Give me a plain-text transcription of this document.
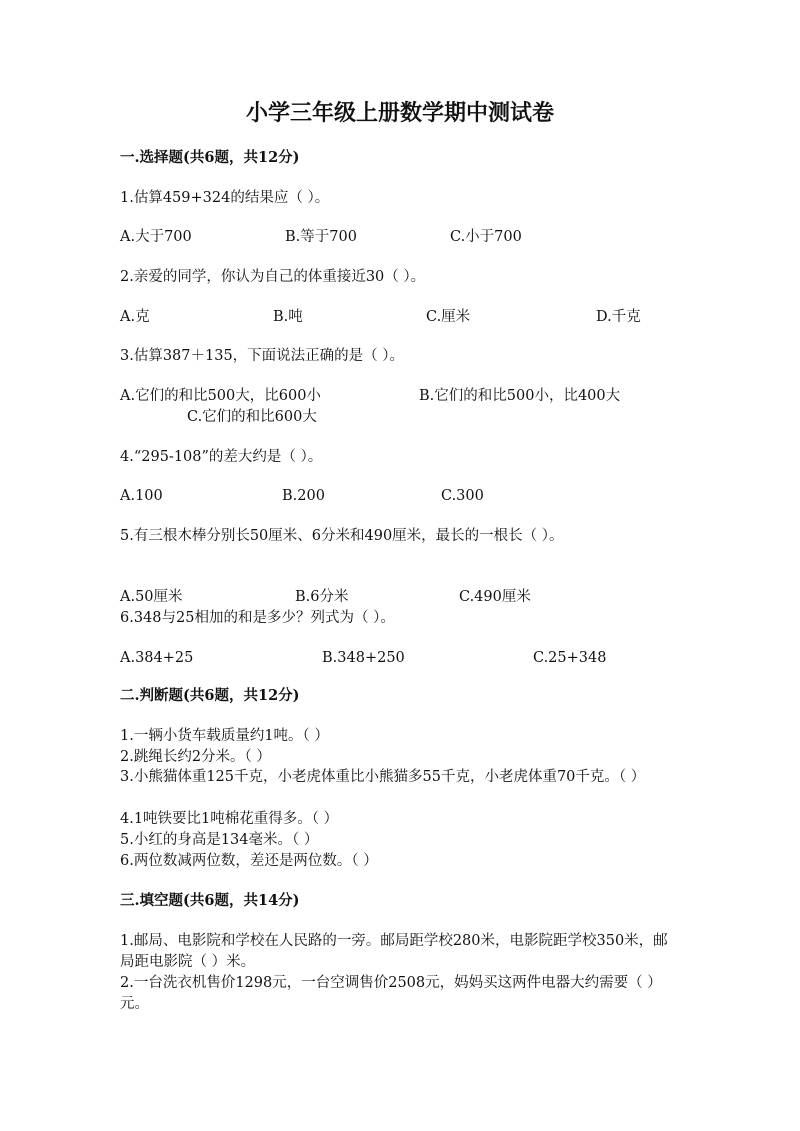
小学三年级上册数学期中测试卷
一.选择题(共6题，共12分)
1.估算459+324的结果应（ ）。
A.大于700	B.等于700	C.小于700
2.亲爱的同学，你认为自己的体重接近30（ ）。
A.克	B.吨	C.厘米	D.千克
3.估算387＋135，下面说法正确的是（ ）。
A.它们的和比500大，比600小	B.它们的和比500小，比400大
C.它们的和比600大
4.“295-108”的差大约是（ ）。
A.100	B.200	C.300
5.有三根木棒分别长50厘米、6分米和490厘米，最长的一根长（ ）。
A.50厘米	B.6分米	C.490厘米
6.348与25相加的和是多少？列式为（ ）。
A.384+25	B.348+250	C.25+348
二.判断题(共6题，共12分)
1.一辆小货车载质量约1吨。（ ）
2.跳绳长约2分米。（ ）
3.小熊猫体重125千克，小老虎体重比小熊猫多55千克，小老虎体重70千克。（ ）
4.1吨铁要比1吨棉花重得多。（ ）
5.小红的身高是134毫米。（ ）
6.两位数减两位数，差还是两位数。（ ）
三.填空题(共6题，共14分)
1.邮局、电影院和学校在人民路的一旁。邮局距学校280米，电影院距学校350米，邮局距电影院（ ）米。
2.一台洗衣机售价1298元，一台空调售价2508元，妈妈买这两件电器大约需要（ ）元。
